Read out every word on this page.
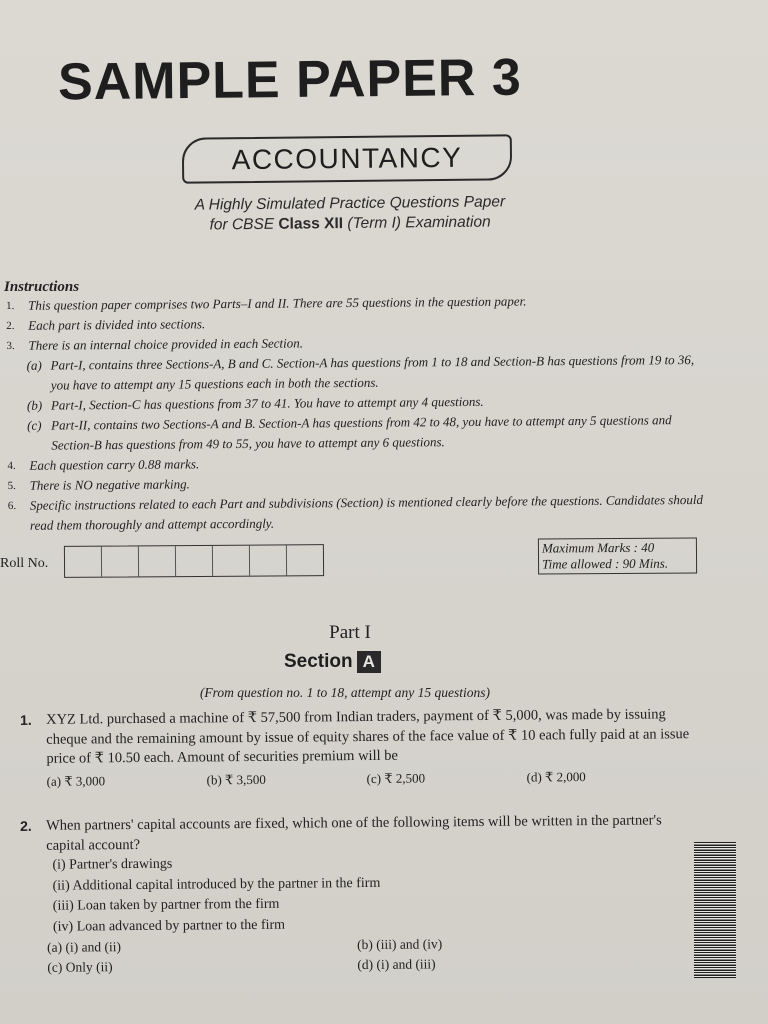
SAMPLE PAPER 3
ACCOUNTANCY
A Highly Simulated Practice Questions Paper
for CBSE Class XII (Term I) Examination
Instructions
1.	This question paper comprises two Parts–I and II. There are 55 questions in the question paper.
2.	Each part is divided into sections.
3.	There is an internal choice provided in each Section.
(a) Part-I, contains three Sections-A, B and C. Section-A has questions from 1 to 18 and Section-B has questions from 19 to 36, you have to attempt any 15 questions each in both the sections.
(b) Part-I, Section-C has questions from 37 to 41. You have to attempt any 4 questions.
(c) Part-II, contains two Sections-A and B. Section-A has questions from 42 to 48, you have to attempt any 5 questions and Section-B has questions from 49 to 55, you have to attempt any 6 questions.
4.	Each question carry 0.88 marks.
5.	There is NO negative marking.
6.	Specific instructions related to each Part and subdivisions (Section) is mentioned clearly before the questions. Candidates should read them thoroughly and attempt accordingly.
Roll No.
Maximum Marks : 40
Time allowed : 90 Mins.
Part I
Section A
(From question no. 1 to 18, attempt any 15 questions)
1. XYZ Ltd. purchased a machine of ₹ 57,500 from Indian traders, payment of ₹ 5,000, was made by issuing cheque and the remaining amount by issue of equity shares of the face value of ₹ 10 each fully paid at an issue price of ₹ 10.50 each. Amount of securities premium will be
(a) ₹ 3,000	(b) ₹ 3,500	(c) ₹ 2,500	(d) ₹ 2,000
2. When partners' capital accounts are fixed, which one of the following items will be written in the partner's capital account?
(i) Partner's drawings
(ii) Additional capital introduced by the partner in the firm
(iii) Loan taken by partner from the firm
(iv) Loan advanced by partner to the firm
(a) (i) and (ii)	(b) (iii) and (iv)
(c) Only (ii)	(d) (i) and (iii)
